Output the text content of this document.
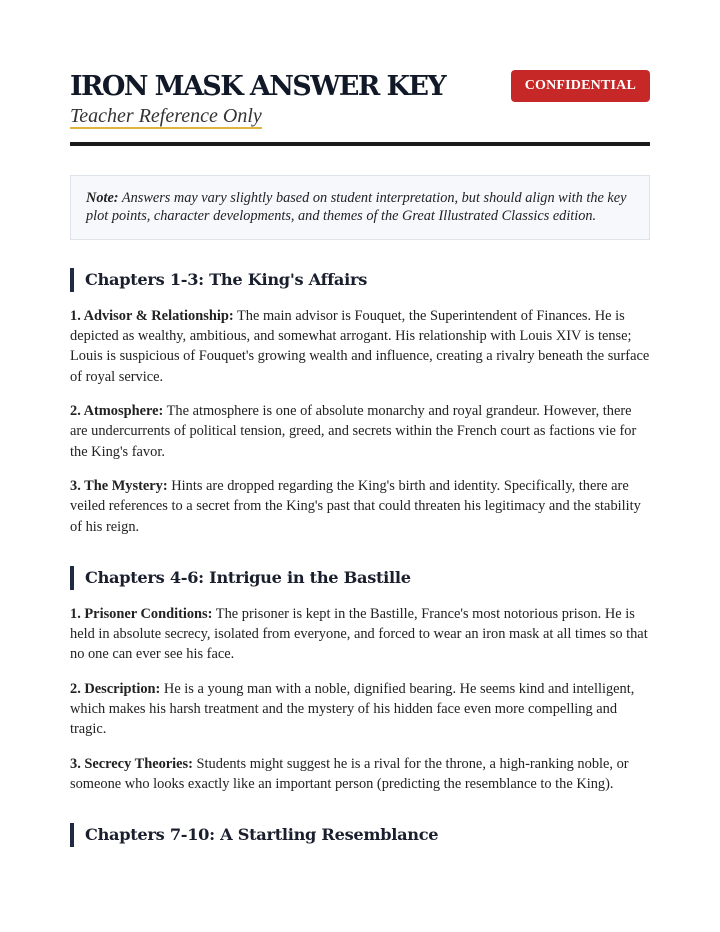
IRON MASK ANSWER KEY
Teacher Reference Only
CONFIDENTIAL
Note: Answers may vary slightly based on student interpretation, but should align with the key plot points, character developments, and themes of the Great Illustrated Classics edition.
Chapters 1-3: The King's Affairs

1. Advisor & Relationship: The main advisor is Fouquet, the Superintendent of Finances. He is depicted as wealthy, ambitious, and somewhat arrogant. His relationship with Louis XIV is tense; Louis is suspicious of Fouquet's growing wealth and influence, creating a rivalry beneath the surface of royal service.

2. Atmosphere: The atmosphere is one of absolute monarchy and royal grandeur. However, there are undercurrents of political tension, greed, and secrets within the French court as factions vie for the King's favor.

3. The Mystery: Hints are dropped regarding the King's birth and identity. Specifically, there are veiled references to a secret from the King's past that could threaten his legitimacy and the stability of his reign.

Chapters 4-6: Intrigue in the Bastille

1. Prisoner Conditions: The prisoner is kept in the Bastille, France's most notorious prison. He is held in absolute secrecy, isolated from everyone, and forced to wear an iron mask at all times so that no one can ever see his face.

2. Description: He is a young man with a noble, dignified bearing. He seems kind and intelligent, which makes his harsh treatment and the mystery of his hidden face even more compelling and tragic.

3. Secrecy Theories: Students might suggest he is a rival for the throne, a high-ranking noble, or someone who looks exactly like an important person (predicting the resemblance to the King).

Chapters 7-10: A Startling Resemblance
